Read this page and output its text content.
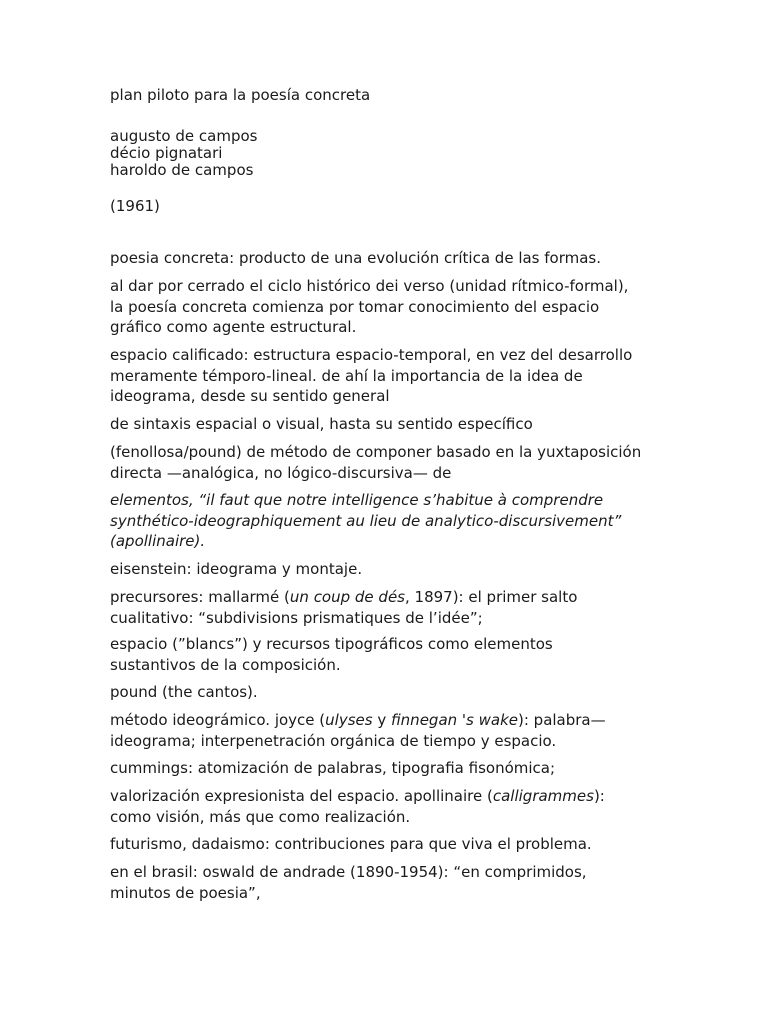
plan piloto para la poesía concreta

augusto de campos

décio pignatari

haroldo de campos

(1961)

poesia concreta: producto de una evolución crítica de las formas.

al dar por cerrado el ciclo histórico dei verso (unidad rítmico-formal),

la poesía concreta comienza por tomar conocimiento del espacio

gráfico como agente estructural.

espacio calificado: estructura espacio-temporal, en vez del desarrollo

meramente témporo-lineal. de ahí la importancia de la idea de

ideograma, desde su sentido general

de sintaxis espacial o visual, hasta su sentido específico

(fenollosa/pound) de método de componer basado en la yuxtaposición

directa —analógica, no lógico-discursiva— de

elementos, “il faut que notre intelligence s’habitue à comprendre

synthético-ideographiquement au lieu de analytico-discursivement”

(apollinaire).

eisenstein: ideograma y montaje.

precursores: mallarmé (un coup de dés, 1897): el primer salto

cualitativo: “subdivisions prismatiques de l’idée”;

espacio (”blancs”) y recursos tipográficos como elementos

sustantivos de la composición.

pound (the cantos).

método ideográmico. joyce (ulyses y finnegan 's wake): palabra—

ideograma; interpenetración orgánica de tiempo y espacio.

cummings: atomización de palabras, tipografia fisonómica;

valorización expresionista del espacio. apollinaire (calligrammes):

como visión, más que como realización.

futurismo, dadaismo: contribuciones para que viva el problema.

en el brasil: oswald de andrade (1890-1954): “en comprimidos,

minutos de poesia”,
